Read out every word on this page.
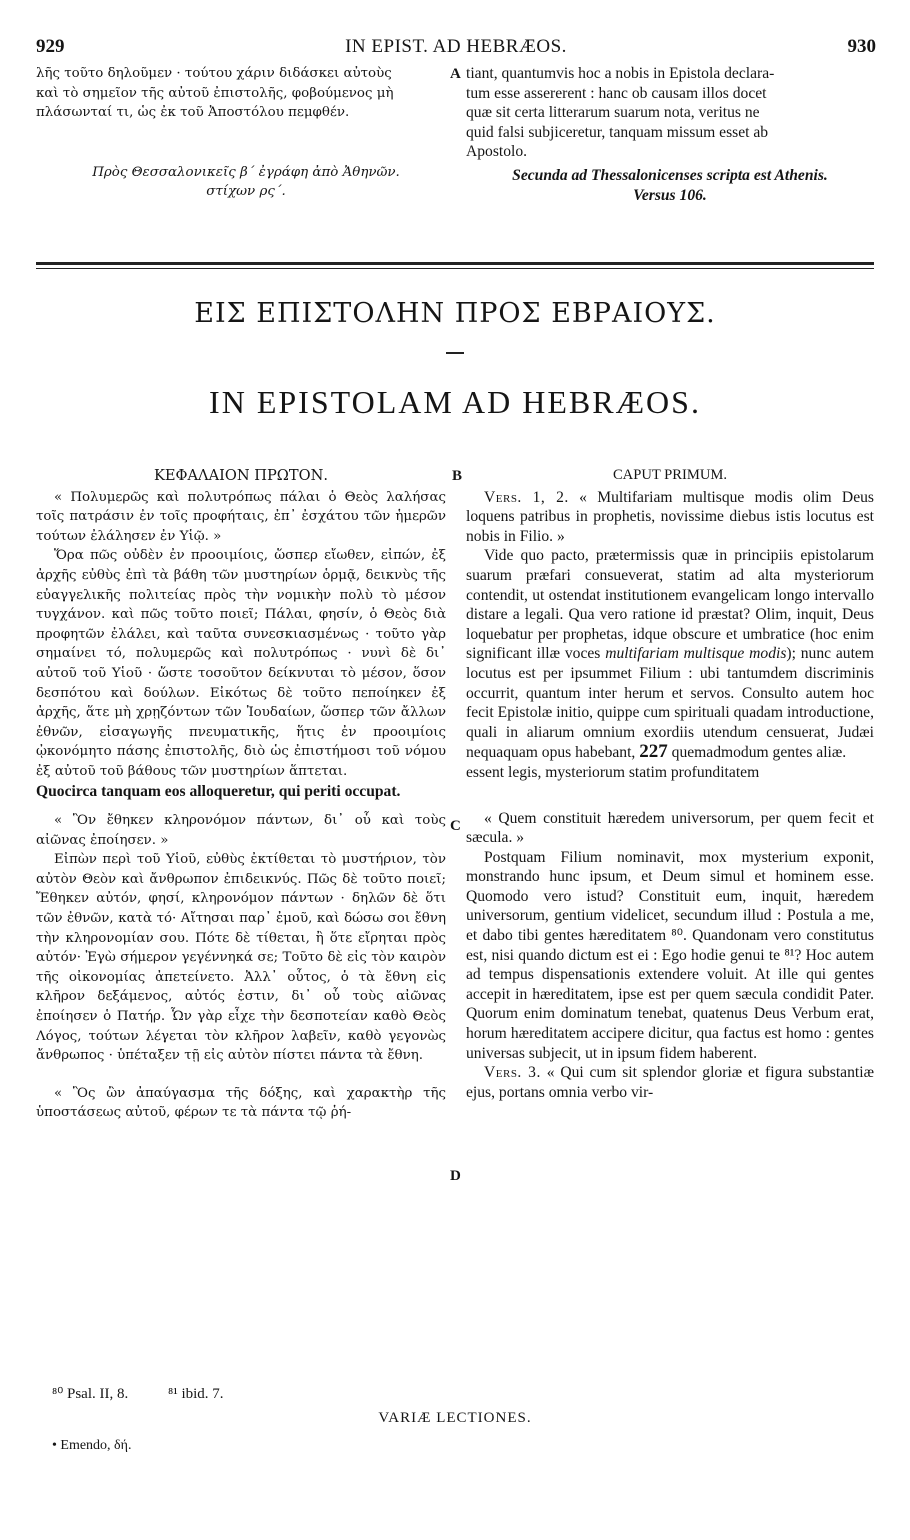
929	IN EPIST. AD HEBRÆOS.	930
λῆς τοῦτο δηλοῦμεν · τούτου χάριν διδάσκει αὐτοὺς
καὶ τὸ σημεῖον τῆς αὐτοῦ ἐπιστολῆς, φοβούμενος μὴ
πλάσωνταί τι, ὡς ἐκ τοῦ Ἀποστόλου πεμφθέν.
Πρὸς Θεσσαλονικεῖς β΄ ἐγράφη ἀπὸ Ἀθηνῶν.
στίχων ρς΄.
A tiant, quantumvis hoc a nobis in Epistola declara-
tum esse assererent : hanc ob causam illos docet
quæ sit certa litterarum suarum nota, veritus ne
quid falsi subjiceretur, tanquam missum esset ab
Apostolo.
Secunda ad Thessalonicenses scripta est Athenis.
Versus 106.
ΕΙΣ ΕΠΙΣΤΟΛΗΝ ΠΡΟΣ ΕΒΡΑΙΟΥΣ.
IN EPISTOLAM AD HEBRÆOS.

ΚΕΦΑΛΑΙΟΝ ΠΡΩΤΟΝ.

« Πολυμερῶς καὶ πολυτρόπως πάλαι ὁ Θεὸς λαλήσας τοῖς πατράσιν ἐν τοῖς προφήταις, ἐπ᾽ ἐσχάτου τῶν ἡμερῶν τούτων ἐλάλησεν ἐν Υἱῷ. »

Ὅρα πῶς οὐδὲν ἐν προοιμίοις, ὥσπερ εἴωθεν, εἰπών, ἐξ ἀρχῆς εὐθὺς ἐπὶ τὰ βάθη τῶν μυστηρίων ὁρμᾷ, δεικνὺς τῆς εὐαγγελικῆς πολιτείας πρὸς τὴν νομικὴν πολὺ τὸ μέσον τυγχάνον. καὶ πῶς τοῦτο ποιεῖ; Πάλαι, φησίν, ὁ Θεὸς διὰ προφητῶν ἐλάλει, καὶ ταῦτα συνεσκιασμένως · τοῦτο γὰρ σημαίνει τό, πολυμερῶς καὶ πολυτρόπως · νυνὶ δὲ δι᾽ αὐτοῦ τοῦ Υἱοῦ · ὥστε τοσοῦτον δείκνυται τὸ μέσον, ὅσον δεσπότου καὶ δούλων. Εἰκότως δὲ τοῦτο πεποίηκεν ἐξ ἀρχῆς, ἅτε μὴ χρῃζόντων τῶν Ἰουδαίων, ὥσπερ τῶν ἄλλων ἐθνῶν, εἰσαγωγῆς πνευματικῆς, ἥτις ἐν προοιμίοις ᾠκονόμητο πάσης ἐπιστολῆς, διὸ ὡς ἐπιστήμοσι τοῦ νόμου ἐξ αὐτοῦ τοῦ βάθους τῶν μυστηρίων ἅπτεται.

Quocirca tanquam eos alloqueretur, qui periti occupat.

« Ὃν ἔθηκεν κληρονόμον πάντων, δι᾽ οὗ καὶ τοὺς αἰῶνας ἐποίησεν. »

Εἰπὼν περὶ τοῦ Υἱοῦ, εὐθὺς ἐκτίθεται τὸ μυστήριον, τὸν αὐτὸν Θεὸν καὶ ἄνθρωπον ἐπιδεικνύς. Πῶς δὲ τοῦτο ποιεῖ; Ἔθηκεν αὐτόν, φησί, κληρονόμον πάντων · δηλῶν δὲ ὅτι τῶν ἐθνῶν, κατὰ τό· Αἴτησαι παρ᾽ ἐμοῦ, καὶ δώσω σοι ἔθνη τὴν κληρονομίαν σου. Πότε δὲ τίθεται, ἢ ὅτε εἴρηται πρὸς αὐτόν· Ἐγὼ σήμερον γεγέννηκά σε; Τοῦτο δὲ εἰς τὸν καιρὸν τῆς οἰκονομίας ἀπετείνετο. Ἀλλ᾽ οὗτος, ὁ τὰ ἔθνη εἰς κλῆρον δεξάμενος, αὐτός ἐστιν, δι᾽ οὗ τοὺς αἰῶνας ἐποίησεν ὁ Πατήρ. Ὧν γὰρ εἶχε τὴν δεσποτείαν καθὸ Θεὸς Λόγος, τούτων λέγεται τὸν κλῆρον λαβεῖν, καθὸ γεγονὼς ἄνθρωπος · ὑπέταξεν τῇ εἰς αὐτὸν πίστει πάντα τὰ ἔθνη.

« Ὃς ὢν ἀπαύγασμα τῆς δόξης, καὶ χαρακτὴρ τῆς ὑποστάσεως αὐτοῦ, φέρων τε τὰ πάντα τῷ ῥή-

B
C
D

CAPUT PRIMUM.

Vers. 1, 2. « Multifariam multisque modis olim Deus loquens patribus in prophetis, novissime diebus istis locutus est nobis in Filio. »

Vide quo pacto, prætermissis quæ in principiis epistolarum suarum præfari consueverat, statim ad alta mysteriorum contendit, ut ostendat institutionem evangelicam longo intervallo distare a legali. Qua vero ratione id præstat? Olim, inquit, Deus loquebatur per prophetas, idque obscure et umbratice (hoc enim significant illæ voces multifariam multisque modis); nunc autem locutus est per ipsummet Filium : ubi tantumdem discriminis occurrit, quantum inter herum et servos. Consulto autem hoc fecit Epistolæ initio, quippe cum spirituali quadam introductione, quali in aliarum omnium exordiis utendum censuerat, Judæi nequaquam opus habebant, 227 quemadmodum gentes aliæ.

essent legis, mysteriorum statim profunditatem

« Quem constituit hæredem universorum, per quem fecit et sæcula. »

Postquam Filium nominavit, mox mysterium exponit, monstrando hunc ipsum, et Deum simul et hominem esse. Quomodo vero istud? Constituit eum, inquit, hæredem universorum, gentium videlicet, secundum illud : Postula a me, et dabo tibi gentes hæreditatem ⁸⁰. Quandonam vero constitutus est, nisi quando dictum est ei : Ego hodie genui te ⁸¹? Hoc autem ad tempus dispensationis extendere voluit. At ille qui gentes accepit in hæreditatem, ipse est per quem sæcula condidit Pater. Quorum enim dominatum tenebat, quatenus Deus Verbum erat, horum hæreditatem accipere dicitur, qua factus est homo : gentes universas subjecit, ut in ipsum fidem haberent.

Vers. 3. « Qui cum sit splendor gloriæ et figura substantiæ ejus, portans omnia verbo vir-

⁸⁰ Psal. II, 8.	⁸¹ ibid. 7.
VARIÆ LECTIONES.
• Emendo, δή.
